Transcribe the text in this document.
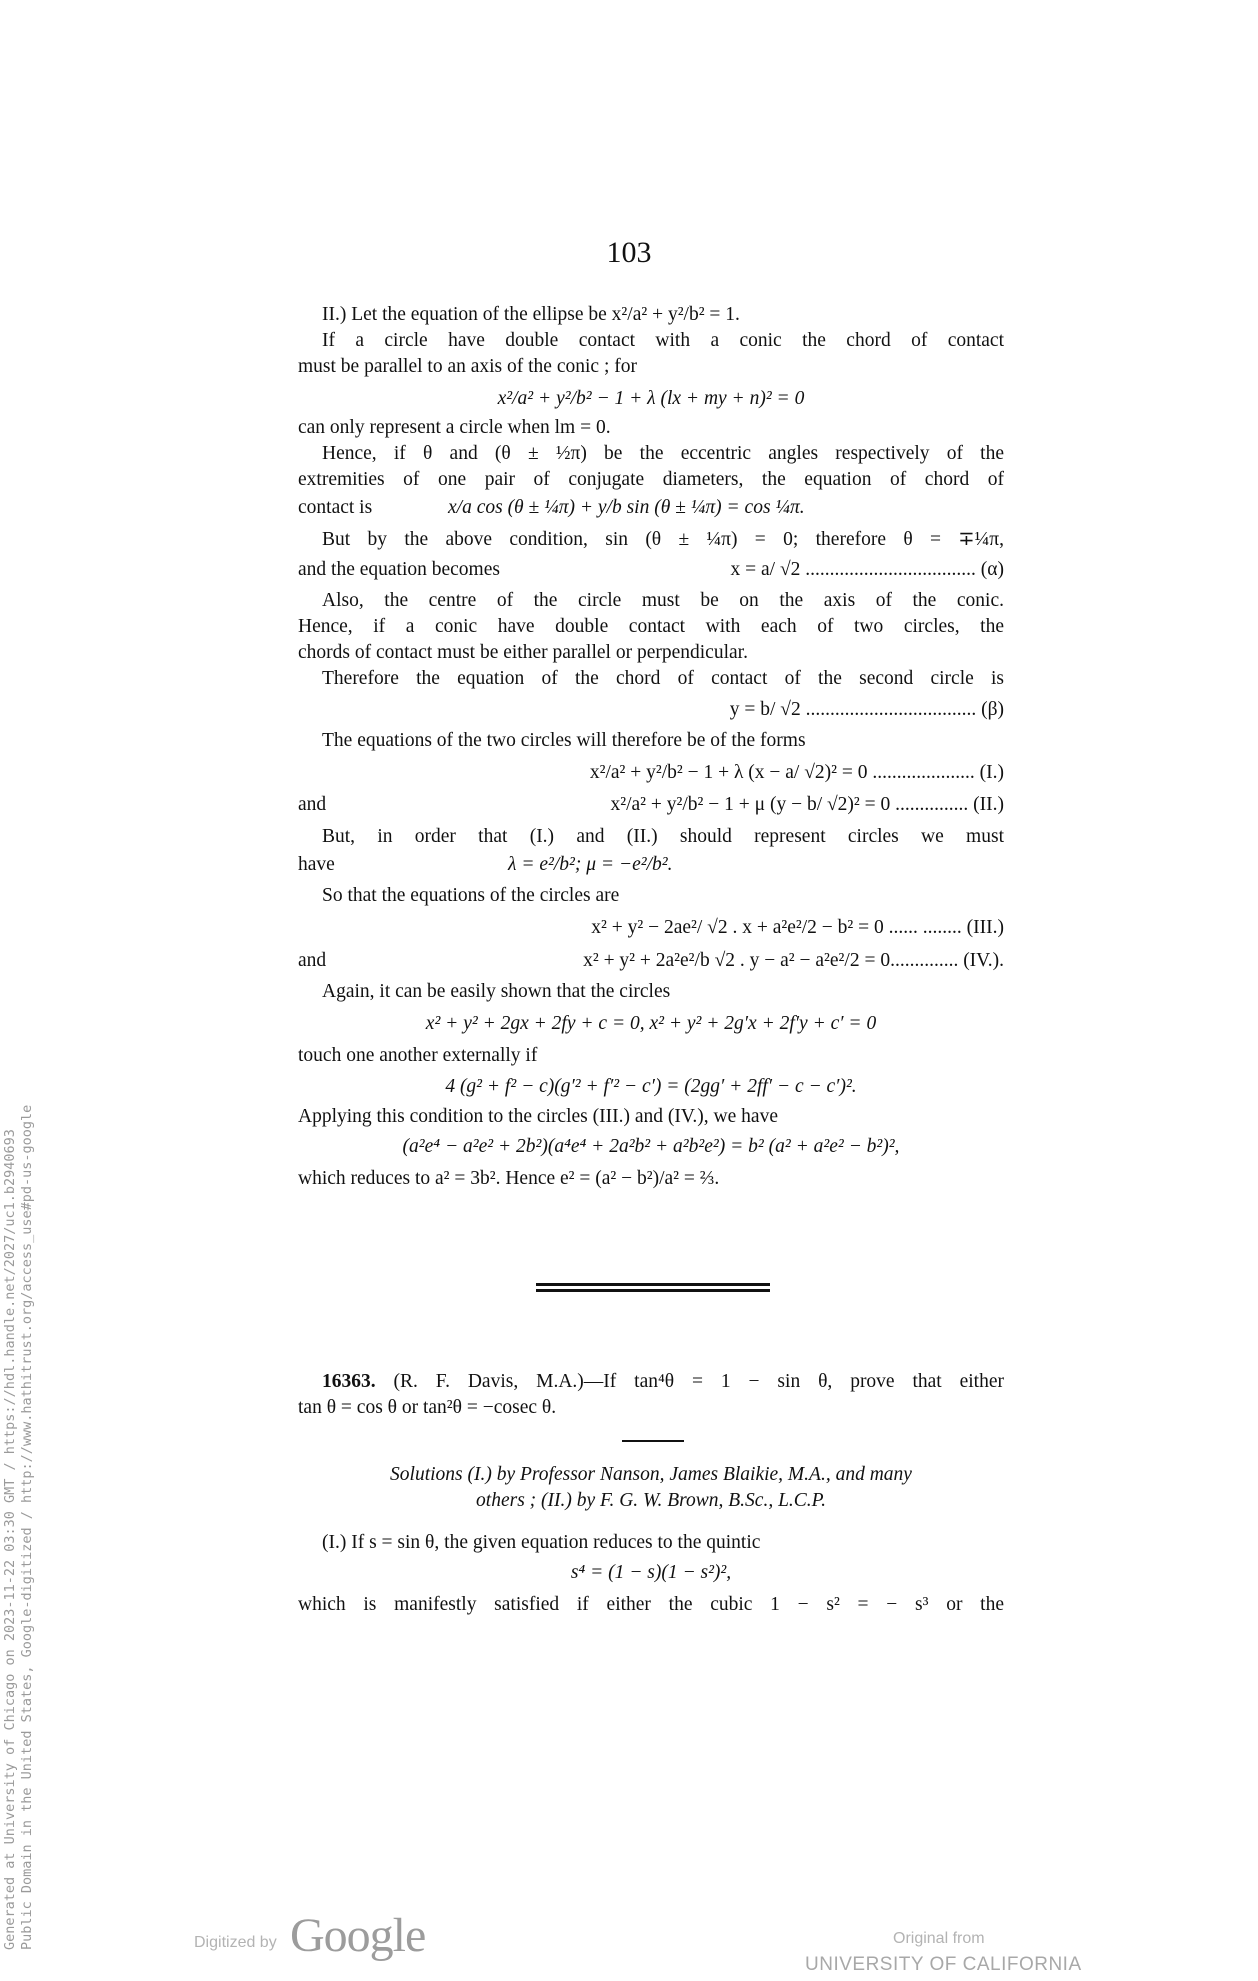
103
II.) Let the equation of the ellipse be x²/a² + y²/b² = 1.
If a circle have double contact with a conic the chord of contact
must be parallel to an axis of the conic ; for
x²/a² + y²/b² − 1 + λ (lx + my + n)² = 0
can only represent a circle when lm = 0.
Hence, if θ and (θ ± ½π) be the eccentric angles respectively of the
extremities of one pair of conjugate diameters, the equation of chord of
contact is	x/a cos (θ ± ¼π) + y/b sin (θ ± ¼π) = cos ¼π.
But by the above condition, sin (θ ± ¼π) = 0; therefore θ = ∓¼π,
and the equation becomes	x = a/ √2 ................................... (α)
Also, the centre of the circle must be on the axis of the conic.
Hence, if a conic have double contact with each of two circles, the
chords of contact must be either parallel or perpendicular.
Therefore the equation of the chord of contact of the second circle is
y = b/ √2 ................................... (β)
The equations of the two circles will therefore be of the forms
x²/a² + y²/b² − 1 + λ (x − a/ √2)² = 0 ..................... (I.)
and	x²/a² + y²/b² − 1 + μ (y − b/ √2)² = 0 ............... (II.)
But, in order that (I.) and (II.) should represent circles we must
have	λ = e²/b²; μ = −e²/b².
So that the equations of the circles are
x² + y² − 2ae²/ √2 . x + a²e²/2 − b² = 0 ...... ........ (III.)
and	x² + y² + 2a²e²/b √2 . y − a² − a²e²/2 = 0.............. (IV.).
Again, it can be easily shown that the circles
x² + y² + 2gx + 2fy + c = 0, x² + y² + 2g′x + 2f′y + c′ = 0
touch one another externally if
4 (g² + f² − c)(g′² + f′² − c′) = (2gg′ + 2ff′ − c − c′)².
Applying this condition to the circles (III.) and (IV.), we have
(a²e⁴ − a²e² + 2b²)(a⁴e⁴ + 2a²b² + a²b²e²) = b² (a² + a²e² − b²)²,
which reduces to a² = 3b². Hence e² = (a² − b²)/a² = ⅔.
16363. (R. F. Davis, M.A.)—If tan⁴θ = 1 − sin θ, prove that either
tan θ = cos θ or tan²θ = −cosec θ.
Solutions (I.) by Professor Nanson, James Blaikie, M.A., and many
others ; (II.) by F. G. W. Brown, B.Sc., L.C.P.
(I.) If s = sin θ, the given equation reduces to the quintic
s⁴ = (1 − s)(1 − s²)²,
which is manifestly satisfied if either the cubic 1 − s² = − s³ or the
Generated at University of Chicago on 2023-11-22 03:30 GMT / https://hdl.handle.net/2027/uc1.b2940693 Public Domain in the United States, Google-digitized / http://www.hathitrust.org/access_use#pd-us-google	Digitized by Google	Original from
UNIVERSITY OF CALIFORNIA
